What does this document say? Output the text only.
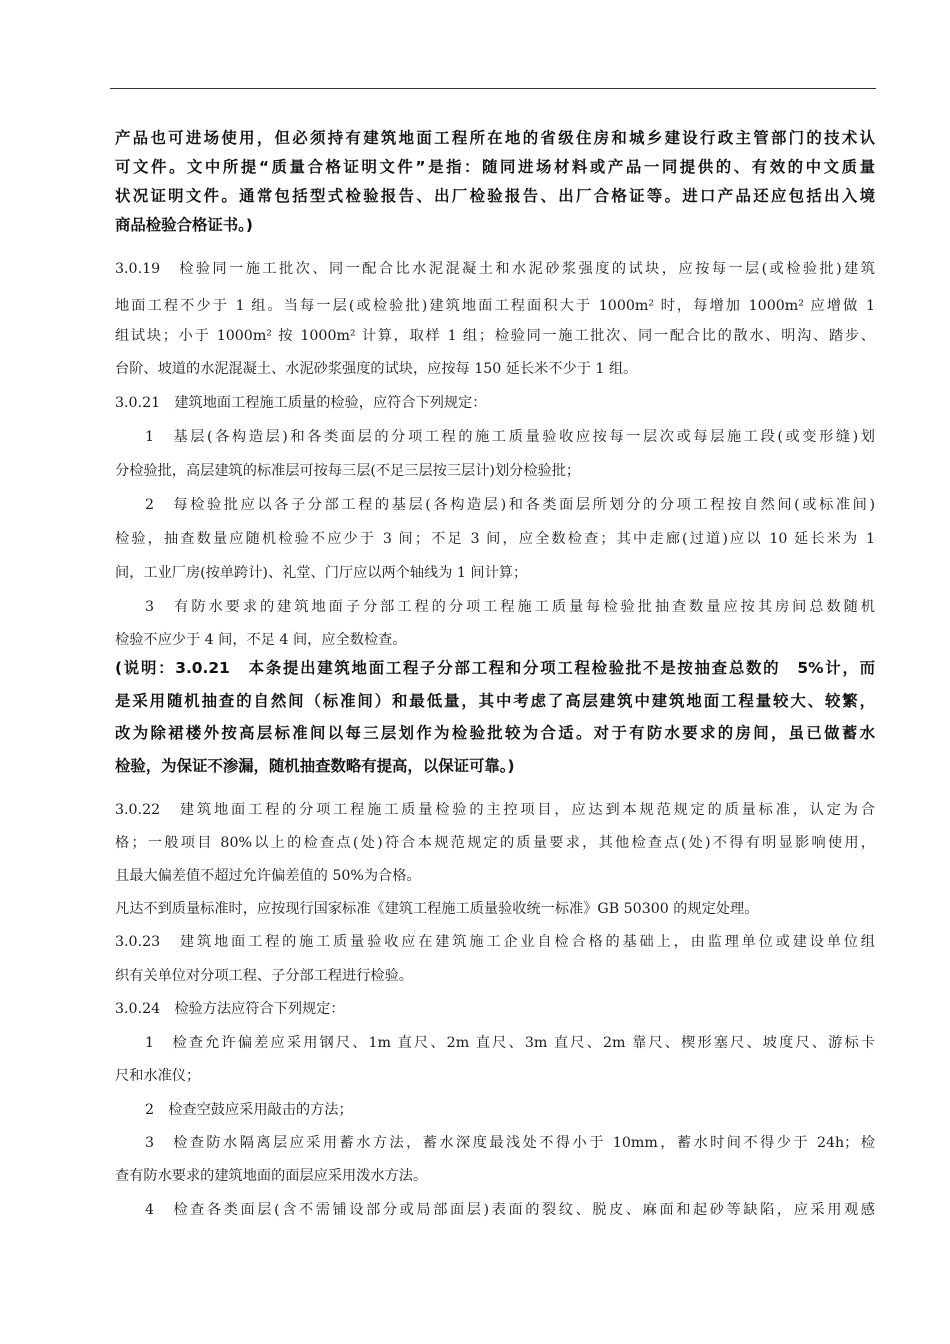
产品也可进场使用，但必须持有建筑地面工程所在地的省级住房和城乡建设行政主管部门的技术认
可文件。文中所提“质量合格证明文件”是指：随同进场材料或产品一同提供的、有效的中文质量
状况证明文件。通常包括型式检验报告、出厂检验报告、出厂合格证等。进口产品还应包括出入境
商品检验合格证书。)
3.0.19　检验同一施工批次、同一配合比水泥混凝土和水泥砂浆强度的试块，应按每一层(或检验批)建筑
地面工程不少于 1 组。当每一层(或检验批)建筑地面工程面积大于 1000m² 时，每增加 1000m² 应增做 1
组试块；小于 1000m² 按 1000m² 计算，取样 1 组；检验同一施工批次、同一配合比的散水、明沟、踏步、
台阶、坡道的水泥混凝土、水泥砂浆强度的试块，应按每 150 延长米不少于 1 组。
3.0.21　建筑地面工程施工质量的检验，应符合下列规定：
1　基层(各构造层)和各类面层的分项工程的施工质量验收应按每一层次或每层施工段(或变形缝)划
分检验批，高层建筑的标准层可按每三层(不足三层按三层计)划分检验批；
2　每检验批应以各子分部工程的基层(各构造层)和各类面层所划分的分项工程按自然间(或标准间)
检验，抽查数量应随机检验不应少于 3 间；不足 3 间，应全数检查；其中走廊(过道)应以 10 延长米为 1
间，工业厂房(按单跨计)、礼堂、门厅应以两个轴线为 1 间计算；
3　有防水要求的建筑地面子分部工程的分项工程施工质量每检验批抽查数量应按其房间总数随机
检验不应少于 4 间，不足 4 间，应全数检查。
(说明：3.0.21　本条提出建筑地面工程子分部工程和分项工程检验批不是按抽查总数的　5%计，而
是采用随机抽查的自然间（标准间）和最低量，其中考虑了高层建筑中建筑地面工程量较大、较繁，
改为除裙楼外按高层标准间以每三层划作为检验批较为合适。对于有防水要求的房间，虽已做蓄水
检验，为保证不渗漏，随机抽查数略有提高，以保证可靠。)
3.0.22　建筑地面工程的分项工程施工质量检验的主控项目，应达到本规范规定的质量标准，认定为合
格；一般项目 80%以上的检查点(处)符合本规范规定的质量要求，其他检查点(处)不得有明显影响使用，
且最大偏差值不超过允许偏差值的 50%为合格。
凡达不到质量标准时，应按现行国家标准《建筑工程施工质量验收统一标准》GB 50300 的规定处理。
3.0.23　建筑地面工程的施工质量验收应在建筑施工企业自检合格的基础上，由监理单位或建设单位组
织有关单位对分项工程、子分部工程进行检验。
3.0.24　检验方法应符合下列规定：
1　检查允许偏差应采用钢尺、1m 直尺、2m 直尺、3m 直尺、2m 靠尺、楔形塞尺、坡度尺、游标卡
尺和水准仪；
2　检查空鼓应采用敲击的方法；
3　检查防水隔离层应采用蓄水方法，蓄水深度最浅处不得小于 10mm，蓄水时间不得少于 24h；检
查有防水要求的建筑地面的面层应采用泼水方法。
4　检查各类面层(含不需铺设部分或局部面层)表面的裂纹、脱皮、麻面和起砂等缺陷，应采用观感
